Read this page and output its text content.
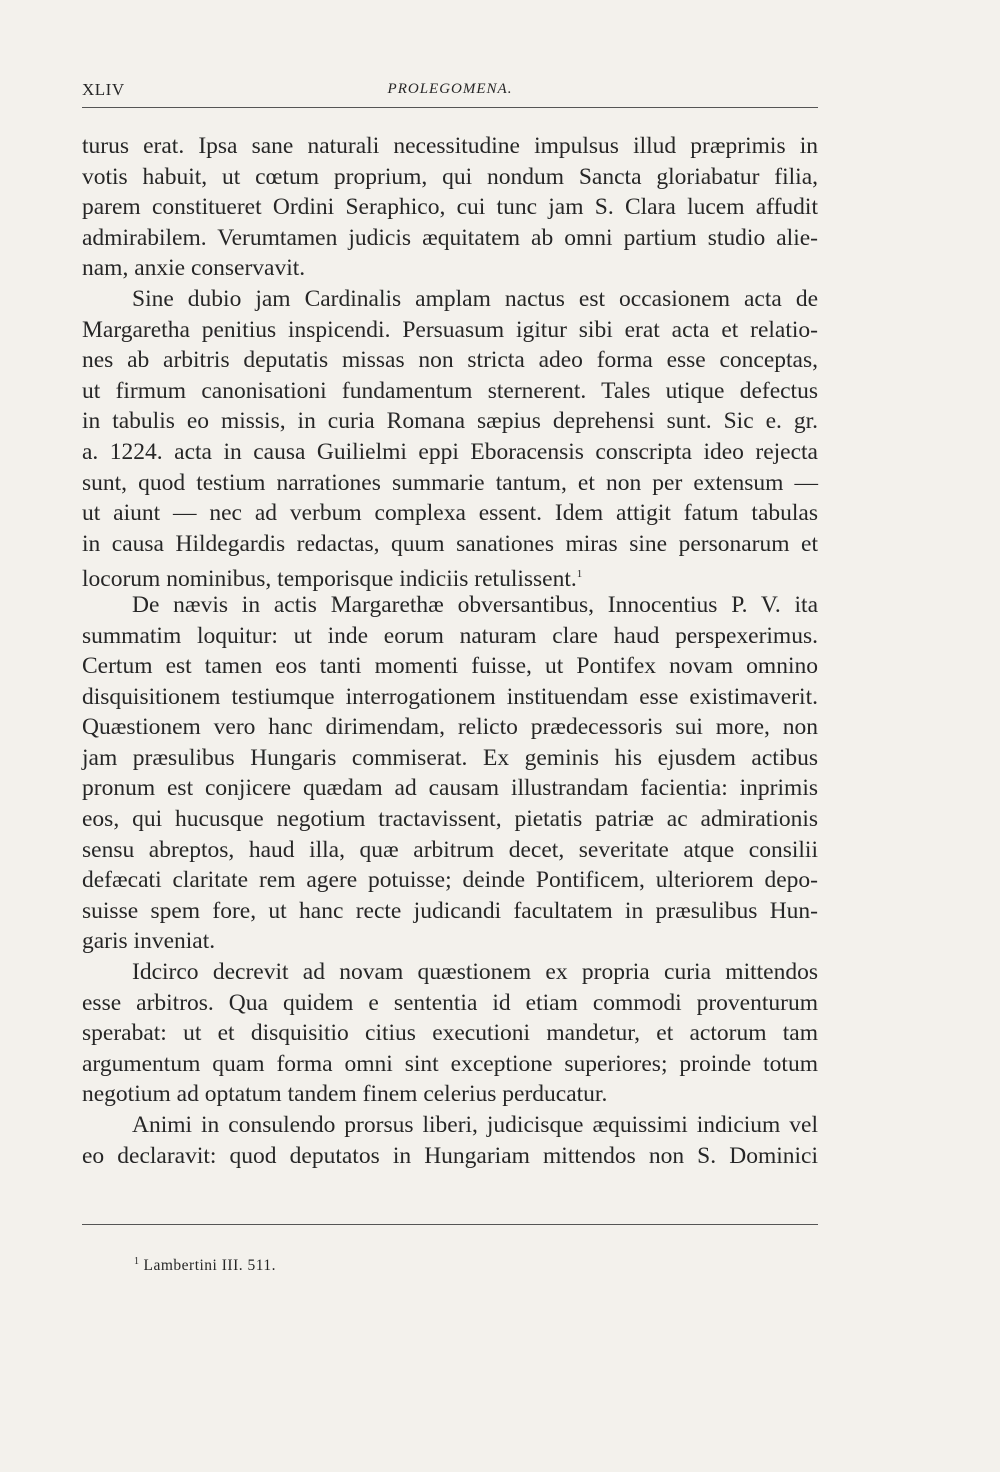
XLIV	PROLEGOMENA.
turus erat. Ipsa sane naturali necessitudine impulsus illud præprimis in
votis habuit, ut cœtum proprium, qui nondum Sancta gloriabatur filia,
parem constitueret Ordini Seraphico, cui tunc jam S. Clara lucem affudit
admirabilem. Verumtamen judicis æquitatem ab omni partium studio alie-
nam, anxie conservavit.
Sine dubio jam Cardinalis amplam nactus est occasionem acta de
Margaretha penitius inspicendi. Persuasum igitur sibi erat acta et relatio-
nes ab arbitris deputatis missas non stricta adeo forma esse conceptas,
ut firmum canonisationi fundamentum sternerent. Tales utique defectus
in tabulis eo missis, in curia Romana sæpius deprehensi sunt. Sic e. gr.
a. 1224. acta in causa Guilielmi eppi Eboracensis conscripta ideo rejecta
sunt, quod testium narrationes summarie tantum, et non per extensum —
ut aiunt — nec ad verbum complexa essent. Idem attigit fatum tabulas
in causa Hildegardis redactas, quum sanationes miras sine personarum et
locorum nominibus, temporisque indiciis retulissent.$^1$
De nævis in actis Margarethæ obversantibus, Innocentius P. V. ita
summatim loquitur: ut inde eorum naturam clare haud perspexerimus.
Certum est tamen eos tanti momenti fuisse, ut Pontifex novam omnino
disquisitionem testiumque interrogationem instituendam esse existimaverit.
Quæstionem vero hanc dirimendam, relicto prædecessoris sui more, non
jam præsulibus Hungaris commiserat. Ex geminis his ejusdem actibus
pronum est conjicere quædam ad causam illustrandam facientia: inprimis
eos, qui hucusque negotium tractavissent, pietatis patriæ ac admirationis
sensu abreptos, haud illa, quæ arbitrum decet, severitate atque consilii
defæcati claritate rem agere potuisse; deinde Pontificem, ulteriorem depo-
suisse spem fore, ut hanc recte judicandi facultatem in præsulibus Hun-
garis inveniat.
Idcirco decrevit ad novam quæstionem ex propria curia mittendos
esse arbitros. Qua quidem e sententia id etiam commodi proventurum
sperabat: ut et disquisitio citius executioni mandetur, et actorum tam
argumentum quam forma omni sint exceptione superiores; proinde totum
negotium ad optatum tandem finem celerius perducatur.
Animi in consulendo prorsus liberi, judicisque æquissimi indicium vel
eo declaravit: quod deputatos in Hungariam mittendos non S. Dominici
$^1$ Lambertini III. 511.
